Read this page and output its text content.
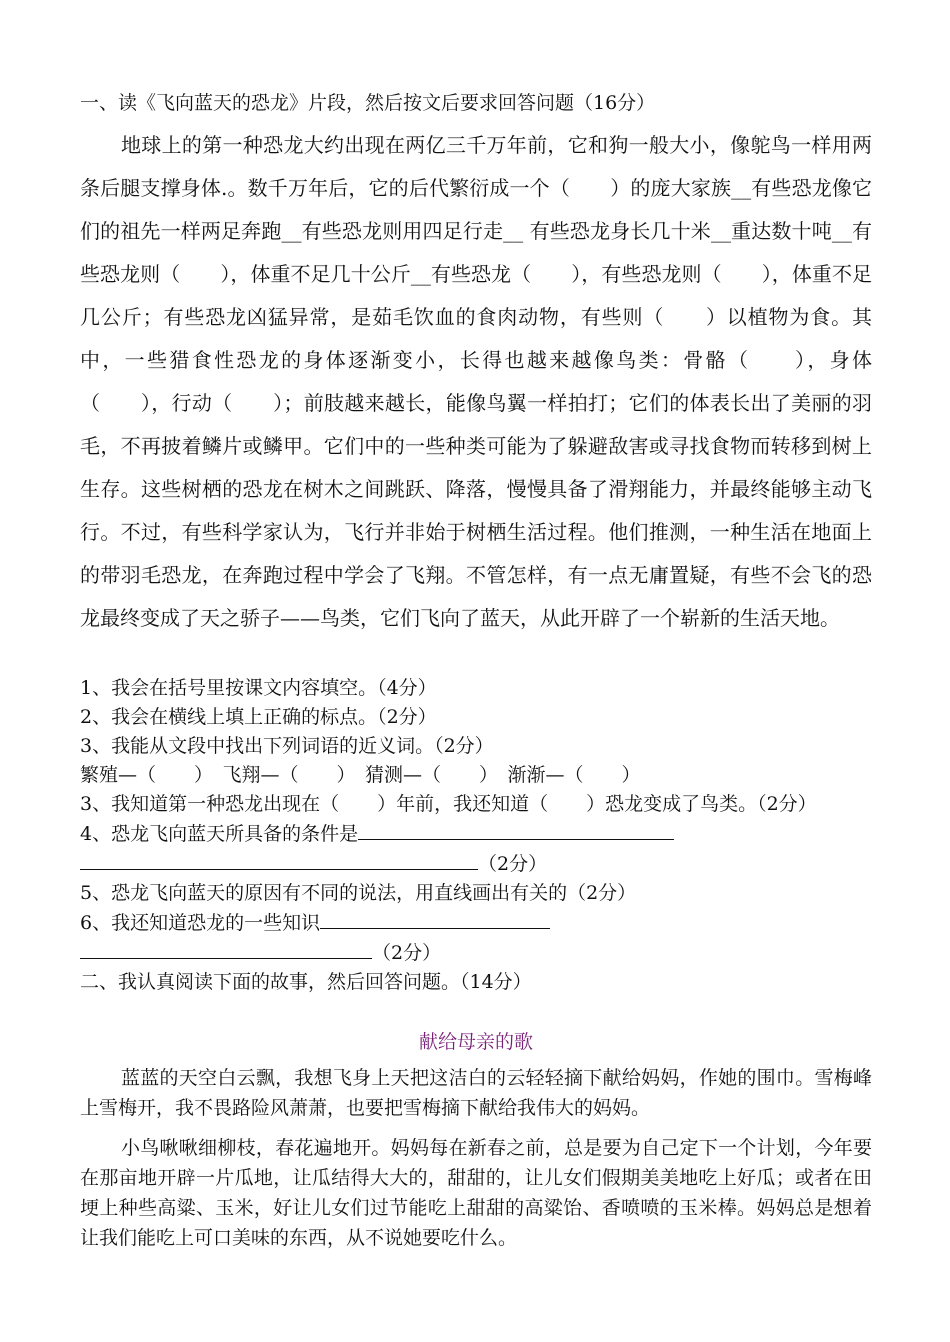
一、读《飞向蓝天的恐龙》片段，然后按文后要求回答问题（16分）

地球上的第一种恐龙大约出现在两亿三千万年前，它和狗一般大小，像鸵鸟一样用两条后腿支撑身体.。数千万年后，它的后代繁衍成一个（　　）的庞大家族__有些恐龙像它们的祖先一样两足奔跑__有些恐龙则用四足行走__ 有些恐龙身长几十米__重达数十吨__有些恐龙则（　　），体重不足几十公斤__有些恐龙（　　），有些恐龙则（　　），体重不足几公斤；有些恐龙凶猛异常，是茹毛饮血的食肉动物，有些则（　　）以植物为食。其中，一些猎食性恐龙的身体逐渐变小，长得也越来越像鸟类：骨骼（　　），身体（　　），行动（　　）；前肢越来越长，能像鸟翼一样拍打；它们的体表长出了美丽的羽毛，不再披着鳞片或鳞甲。它们中的一些种类可能为了躲避敌害或寻找食物而转移到树上生存。这些树栖的恐龙在树木之间跳跃、降落，慢慢具备了滑翔能力，并最终能够主动飞行。不过，有些科学家认为，飞行并非始于树栖生活过程。他们推测，一种生活在地面上的带羽毛恐龙，在奔跑过程中学会了飞翔。不管怎样，有一点无庸置疑，有些不会飞的恐龙最终变成了天之骄子——鸟类，它们飞向了蓝天，从此开辟了一个崭新的生活天地。

1、我会在括号里按课文内容填空。（4分）

2、我会在横线上填上正确的标点。（2分）

3、我能从文段中找出下列词语的近义词。（2分）

繁殖—（　　）　飞翔—（　　）　猜测—（　　）　渐渐—（　　）

3、我知道第一种恐龙出现在（　　）年前，我还知道（　　）恐龙变成了鸟类。（2分）

4、恐龙飞向蓝天所具备的条件是

（2分）

5、恐龙飞向蓝天的原因有不同的说法，用直线画出有关的（2分）

6、我还知道恐龙的一些知识

（2分）

二、我认真阅读下面的故事，然后回答问题。（14分）

献给母亲的歌

蓝蓝的天空白云飘，我想飞身上天把这洁白的云轻轻摘下献给妈妈，作她的围巾。雪梅峰上雪梅开，我不畏路险风萧萧，也要把雪梅摘下献给我伟大的妈妈。

小鸟啾啾细柳枝，春花遍地开。妈妈每在新春之前，总是要为自己定下一个计划，今年要在那亩地开辟一片瓜地，让瓜结得大大的，甜甜的，让儿女们假期美美地吃上好瓜；或者在田埂上种些高粱、玉米，好让儿女们过节能吃上甜甜的高粱饴、香喷喷的玉米棒。妈妈总是想着让我们能吃上可口美味的东西，从不说她要吃什么。
